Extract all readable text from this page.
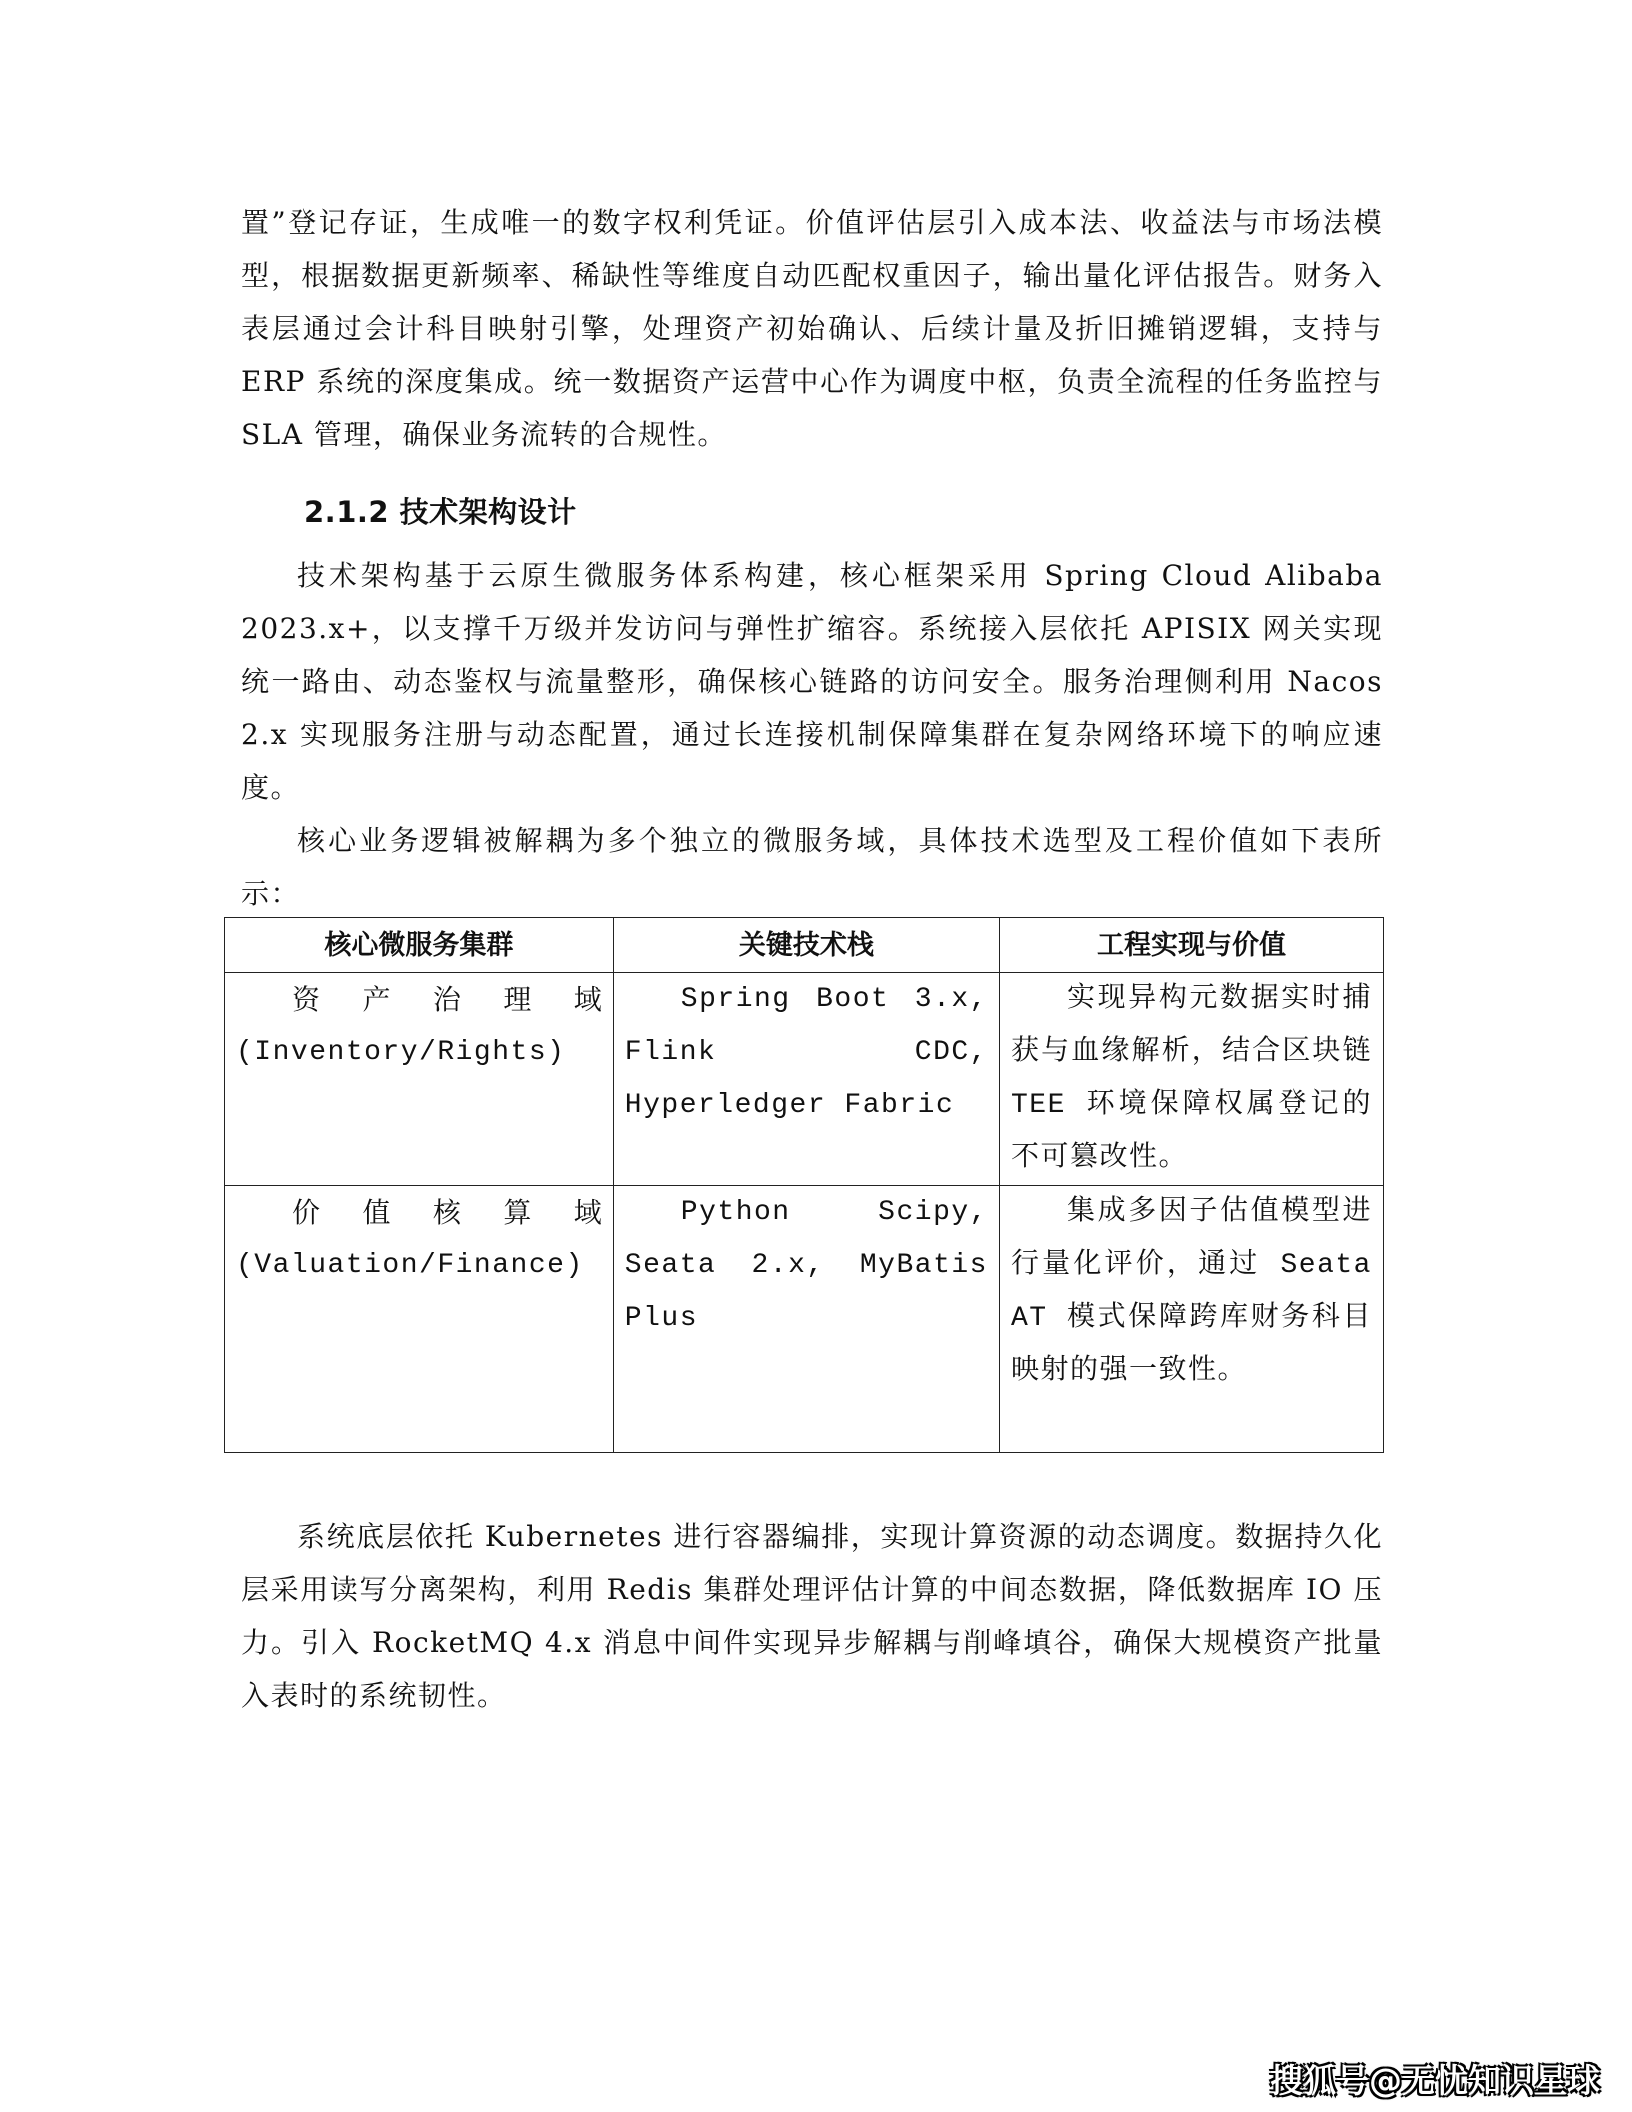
置”登记存证，生成唯一的数字权利凭证。价值评估层引入成本法、收益法与市场法模型，根据数据更新频率、稀缺性等维度自动匹配权重因子，输出量化评估报告。财务入表层通过会计科目映射引擎，处理资产初始确认、后续计量及折旧摊销逻辑，支持与 ERP 系统的深度集成。统一数据资产运营中心作为调度中枢，负责全流程的任务监控与 SLA 管理，确保业务流转的合规性。

2.1.2 技术架构设计

技术架构基于云原生微服务体系构建，核心框架采用 Spring Cloud Alibaba 2023.x+，以支撑千万级并发访问与弹性扩缩容。系统接入层依托 APISIX 网关实现统一路由、动态鉴权与流量整形，确保核心链路的访问安全。服务治理侧利用 Nacos 2.x 实现服务注册与动态配置，通过长连接机制保障集群在复杂网络环境下的响应速度。

核心业务逻辑被解耦为多个独立的微服务域，具体技术选型及工程价值如下表所示：

核心微服务集群	关键技术栈	工程实现与价值

资产治理域
(Inventory/Rights)	Spring Boot 3.x, Flink CDC, Hyperledger Fabric	实现异构元数据实时捕获与血缘解析，结合区块链 TEE 环境保障权属登记的不可篡改性。

价值核算域
(Valuation/Finance)	Python Scipy, Seata 2.x, MyBatis Plus	集成多因子估值模型进行量化评价，通过 Seata AT 模式保障跨库财务科目映射的强一致性。

系统底层依托 Kubernetes 进行容器编排，实现计算资源的动态调度。数据持久化层采用读写分离架构，利用 Redis 集群处理评估计算的中间态数据，降低数据库 IO 压力。引入 RocketMQ 4.x 消息中间件实现异步解耦与削峰填谷，确保大规模资产批量入表时的系统韧性。

搜狐号@无忧知识星球
